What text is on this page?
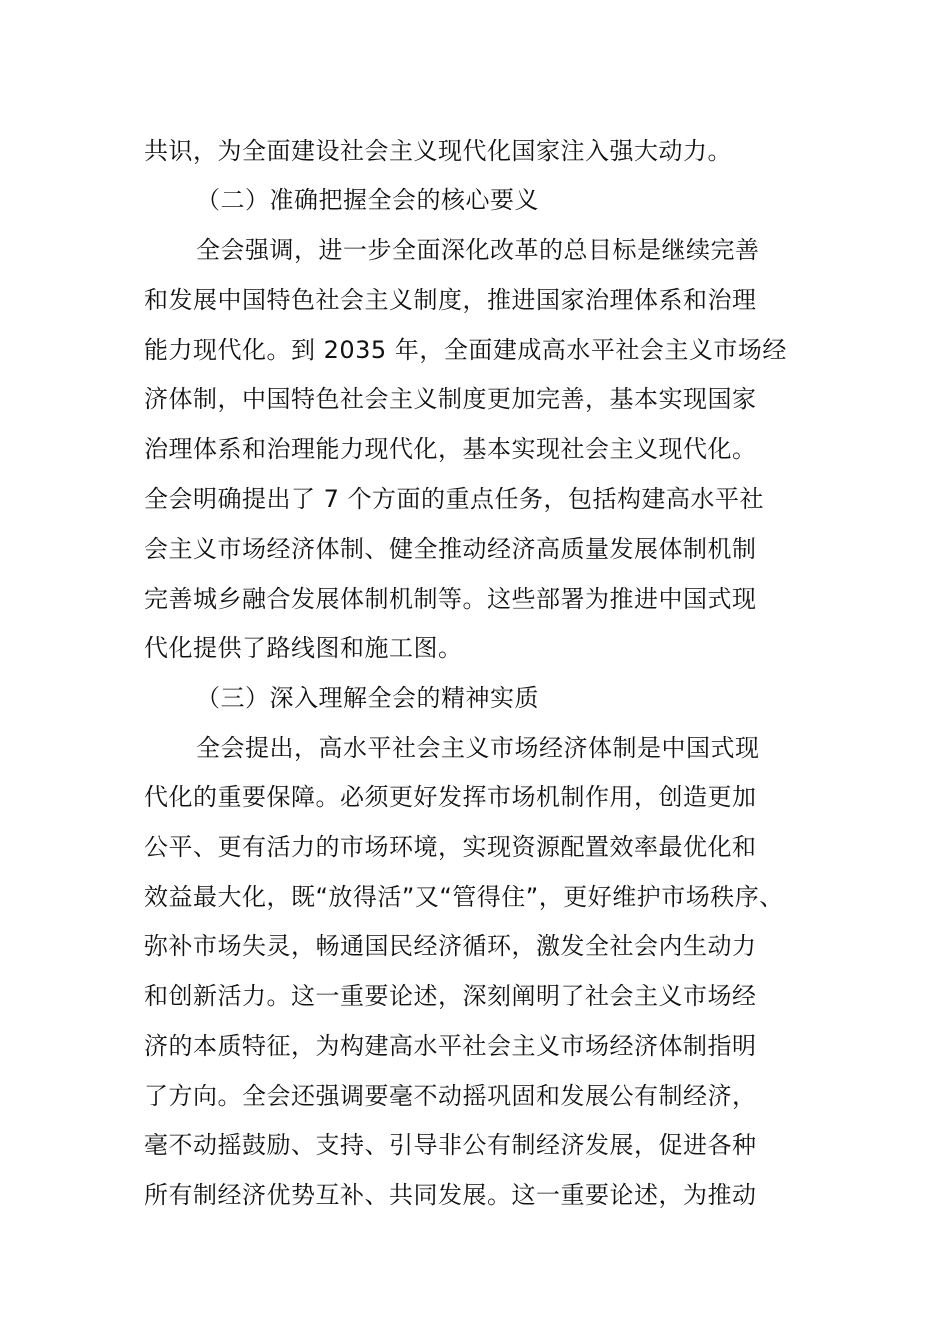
共识，为全面建设社会主义现代化国家注入强大动力。
（二）准确把握全会的核心要义
全会强调，进一步全面深化改革的总目标是继续完善
和发展中国特色社会主义制度，推进国家治理体系和治理
能力现代化。到 2035 年，全面建成高水平社会主义市场经
济体制，中国特色社会主义制度更加完善，基本实现国家
治理体系和治理能力现代化，基本实现社会主义现代化。
全会明确提出了 7 个方面的重点任务，包括构建高水平社
会主义市场经济体制、健全推动经济高质量发展体制机制
完善城乡融合发展体制机制等。这些部署为推进中国式现
代化提供了路线图和施工图。
（三）深入理解全会的精神实质
全会提出，高水平社会主义市场经济体制是中国式现
代化的重要保障。必须更好发挥市场机制作用，创造更加
公平、更有活力的市场环境，实现资源配置效率最优化和
效益最大化，既“放得活”又“管得住”，更好维护市场秩序、
弥补市场失灵，畅通国民经济循环，激发全社会内生动力
和创新活力。这一重要论述，深刻阐明了社会主义市场经
济的本质特征，为构建高水平社会主义市场经济体制指明
了方向。全会还强调要毫不动摇巩固和发展公有制经济，
毫不动摇鼓励、支持、引导非公有制经济发展，促进各种
所有制经济优势互补、共同发展。这一重要论述，为推动
